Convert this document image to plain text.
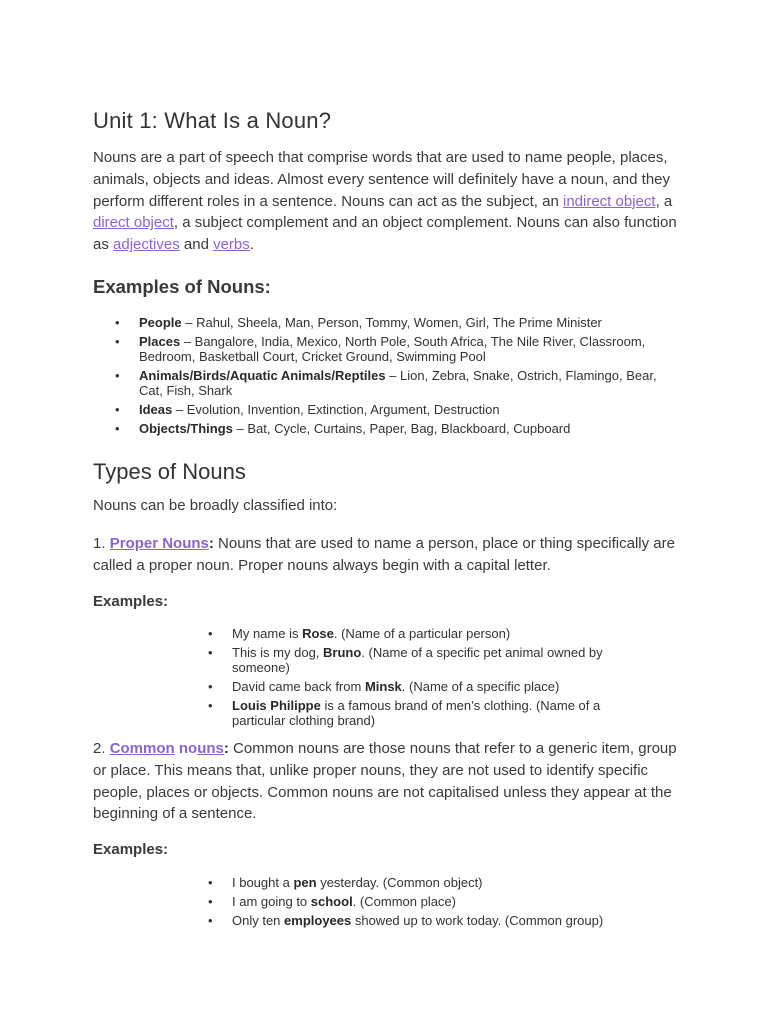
Unit 1: What Is a Noun?

Nouns are a part of speech that comprise words that are used to name people, places, animals, objects and ideas. Almost every sentence will definitely have a noun, and they perform different roles in a sentence. Nouns can act as the subject, an indirect object, a direct object, a subject complement and an object complement. Nouns can also function as adjectives and verbs.

Examples of Nouns:
• People – Rahul, Sheela, Man, Person, Tommy, Women, Girl, The Prime Minister
• Places – Bangalore, India, Mexico, North Pole, South Africa, The Nile River, Classroom, Bedroom, Basketball Court, Cricket Ground, Swimming Pool
• Animals/Birds/Aquatic Animals/Reptiles – Lion, Zebra, Snake, Ostrich, Flamingo, Bear, Cat, Fish, Shark
• Ideas – Evolution, Invention, Extinction, Argument, Destruction
• Objects/Things – Bat, Cycle, Curtains, Paper, Bag, Blackboard, Cupboard
Types of Nouns

Nouns can be broadly classified into:

1. Proper Nouns: Nouns that are used to name a person, place or thing specifically are called a proper noun. Proper nouns always begin with a capital letter.

Examples:
• My name is Rose. (Name of a particular person)
• This is my dog, Bruno. (Name of a specific pet animal owned by someone)
• David came back from Minsk. (Name of a specific place)
• Louis Philippe is a famous brand of men’s clothing. (Name of a particular clothing brand)

2. Common nouns: Common nouns are those nouns that refer to a generic item, group or place. This means that, unlike proper nouns, they are not used to identify specific people, places or objects. Common nouns are not capitalised unless they appear at the beginning of a sentence.

Examples:
• I bought a pen yesterday. (Common object)
• I am going to school. (Common place)
• Only ten employees showed up to work today. (Common group)
